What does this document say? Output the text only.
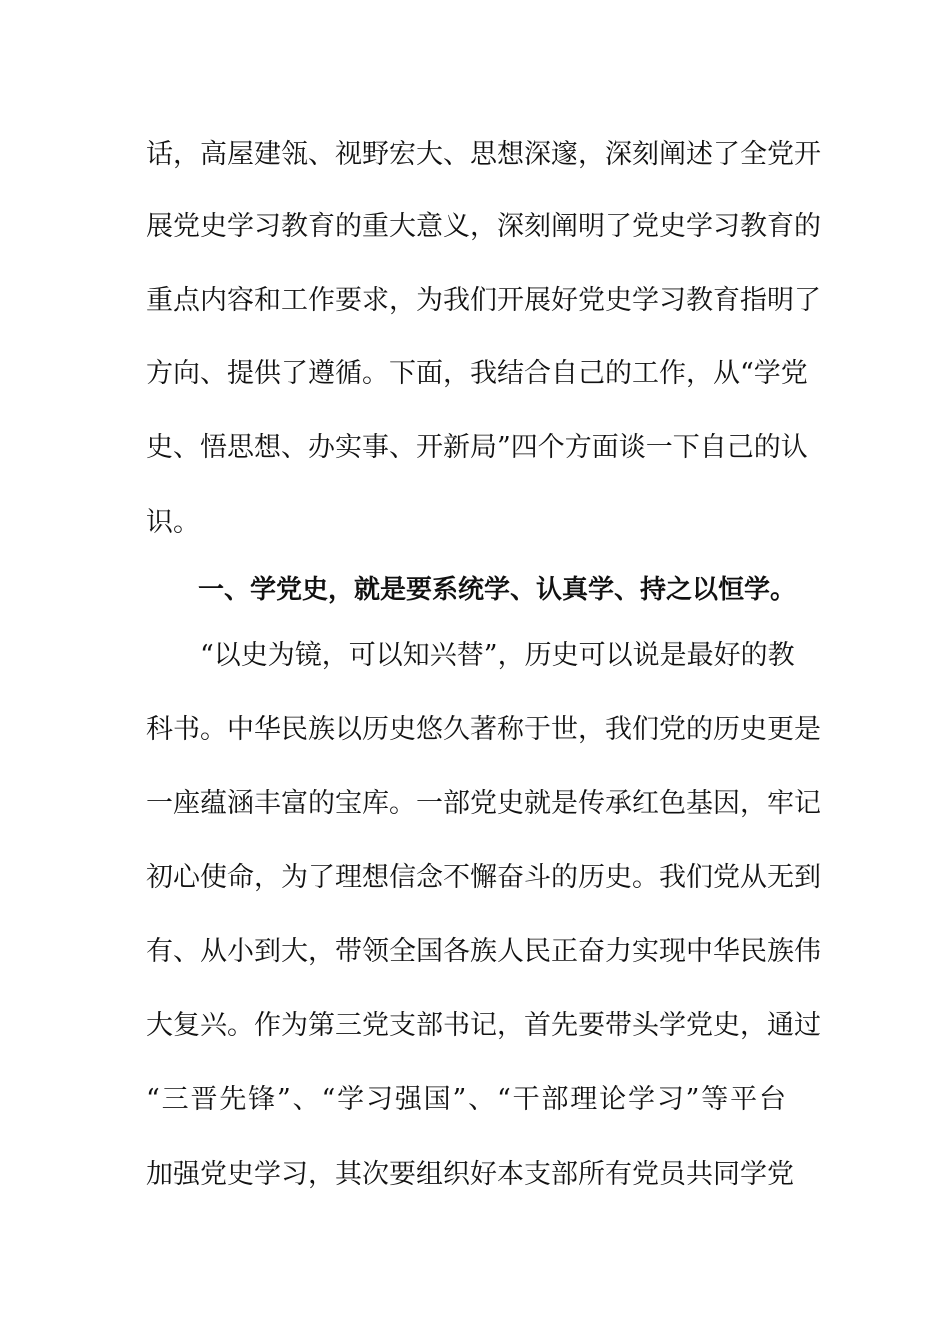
话，高屋建瓴、视野宏大、思想深邃，深刻阐述了全党开
展党史学习教育的重大意义，深刻阐明了党史学习教育的
重点内容和工作要求，为我们开展好党史学习教育指明了
方向、提供了遵循。下面，我结合自己的工作，从“学党
史、悟思想、办实事、开新局”四个方面谈一下自己的认
识。
一、学党史，就是要系统学、认真学、持之以恒学。
“以史为镜，可以知兴替”，历史可以说是最好的教
科书。中华民族以历史悠久著称于世，我们党的历史更是
一座蕴涵丰富的宝库。一部党史就是传承红色基因，牢记
初心使命，为了理想信念不懈奋斗的历史。我们党从无到
有、从小到大，带领全国各族人民正奋力实现中华民族伟
大复兴。作为第三党支部书记，首先要带头学党史，通过
“三晋先锋”、“学习强国”、“干部理论学习”等平台
加强党史学习，其次要组织好本支部所有党员共同学党
